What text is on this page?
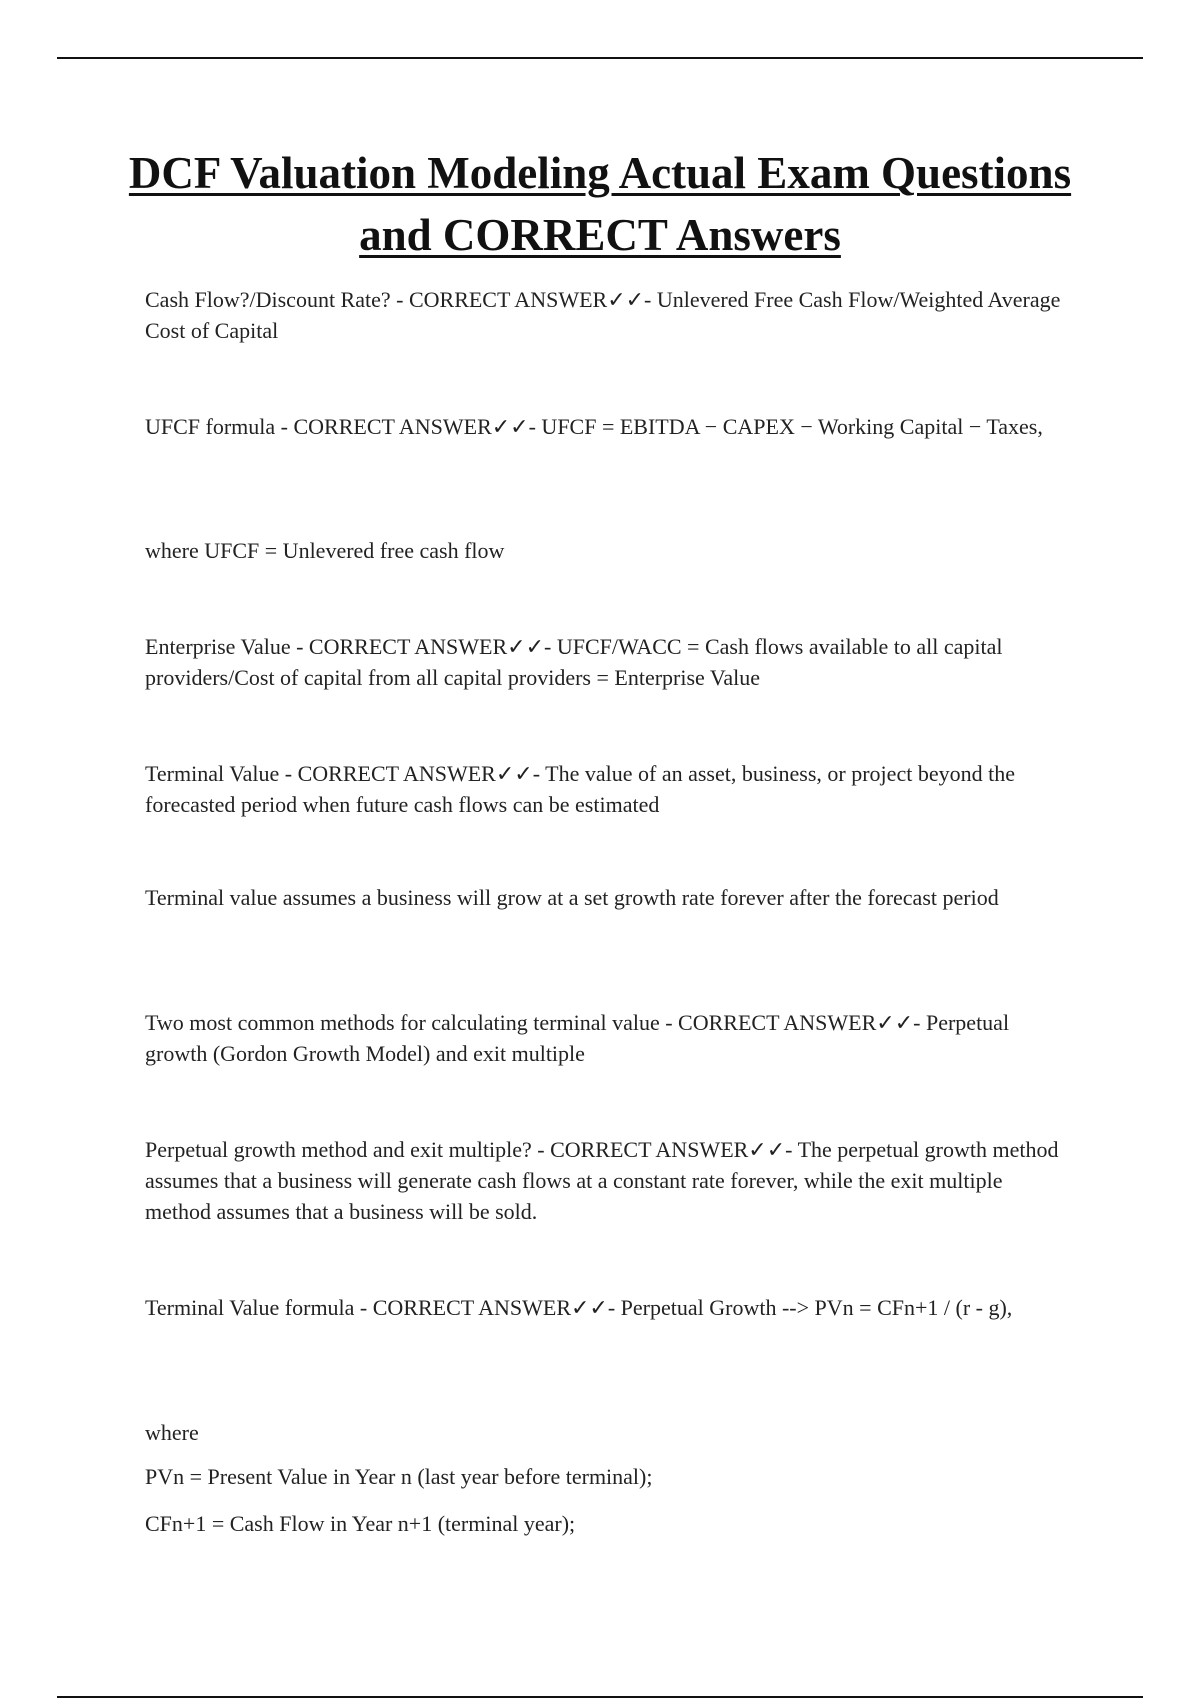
DCF Valuation Modeling Actual Exam Questions and CORRECT Answers

Cash Flow?/Discount Rate? - CORRECT ANSWER✓✓- Unlevered Free Cash Flow/Weighted Average Cost of Capital

UFCF formula - CORRECT ANSWER✓✓- UFCF = EBITDA − CAPEX − Working Capital − Taxes,

where UFCF = Unlevered free cash flow

Enterprise Value - CORRECT ANSWER✓✓- UFCF/WACC = Cash flows available to all capital providers/Cost of capital from all capital providers = Enterprise Value

Terminal Value - CORRECT ANSWER✓✓- The value of an asset, business, or project beyond the forecasted period when future cash flows can be estimated

Terminal value assumes a business will grow at a set growth rate forever after the forecast period

Two most common methods for calculating terminal value - CORRECT ANSWER✓✓- Perpetual growth (Gordon Growth Model) and exit multiple

Perpetual growth method and exit multiple? - CORRECT ANSWER✓✓- The perpetual growth method assumes that a business will generate cash flows at a constant rate forever, while the exit multiple method assumes that a business will be sold.

Terminal Value formula - CORRECT ANSWER✓✓- Perpetual Growth --> PVn = CFn+1 / (r - g),

where

PVn = Present Value in Year n (last year before terminal);

CFn+1 = Cash Flow in Year n+1 (terminal year);
